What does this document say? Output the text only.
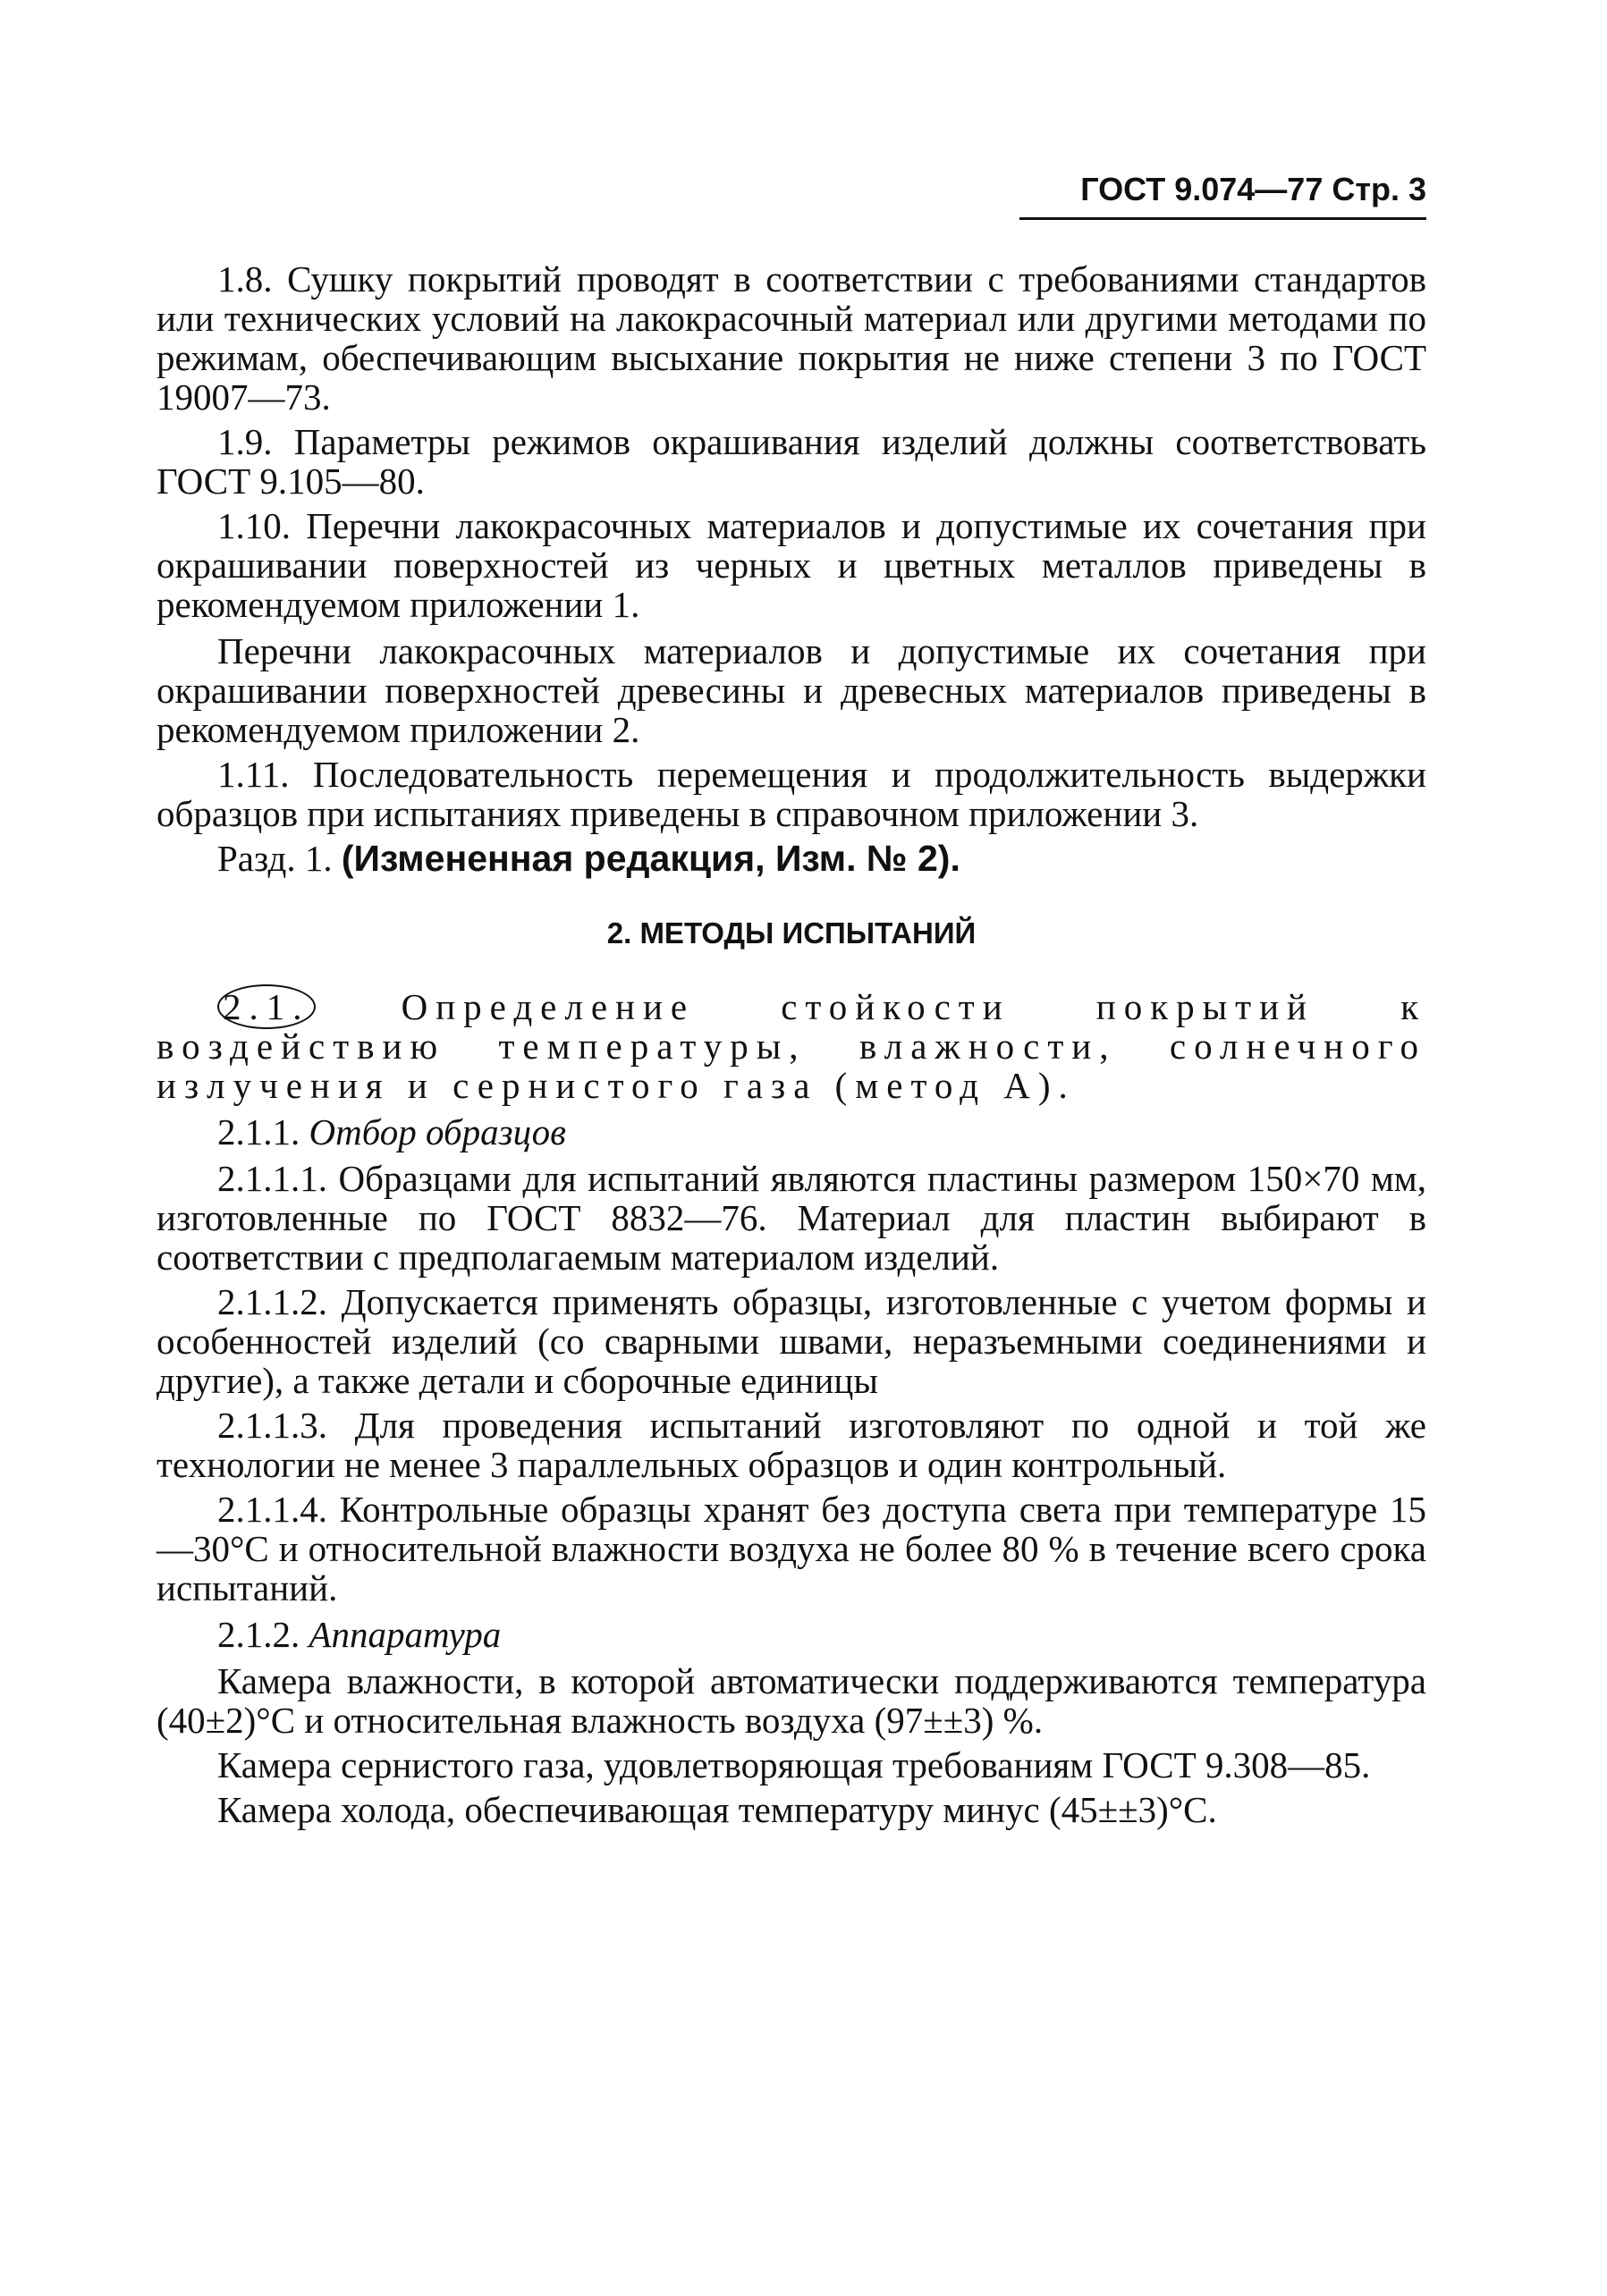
ГОСТ 9.074—77 Стр. 3

1.8. Сушку покрытий проводят в соответствии с требованиями стандартов или технических условий на лакокрасочный материал или другими методами по режимам, обеспечивающим высыхание покрытия не ниже степени 3 по ГОСТ 19007—73.

1.9. Параметры режимов окрашивания изделий должны соответствовать ГОСТ 9.105—80.

1.10. Перечни лакокрасочных материалов и допустимые их сочетания при окрашивании поверхностей из черных и цветных металлов приведены в рекомендуемом приложении 1.

Перечни лакокрасочных материалов и допустимые их сочетания при окрашивании поверхностей древесины и древесных материалов приведены в рекомендуемом приложении 2.

1.11. Последовательность перемещения и продолжительность выдержки образцов при испытаниях приведены в справочном приложении 3.

Разд. 1. (Измененная редакция, Изм. № 2).

2. МЕТОДЫ ИСПЫТАНИЙ

2.1. Определение стойкости покрытий к воздействию температуры, влажности, солнечного излучения и сернистого газа (метод А).

2.1.1. Отбор образцов

2.1.1.1. Образцами для испытаний являются пластины размером 150×70 мм, изготовленные по ГОСТ 8832—76. Материал для пластин выбирают в соответствии с предполагаемым материалом изделий.

2.1.1.2. Допускается применять образцы, изготовленные с учетом формы и особенностей изделий (со сварными швами, неразъемными соединениями и другие), а также детали и сборочные единицы

2.1.1.3. Для проведения испытаний изготовляют по одной и той же технологии не менее 3 параллельных образцов и один контрольный.

2.1.1.4. Контрольные образцы хранят без доступа света при температуре 15—30°С и относительной влажности воздуха не более 80 % в течение всего срока испытаний.

2.1.2. Аппаратура

Камера влажности, в которой автоматически поддерживаются температура (40±2)°С и относительная влажность воздуха (97±±3) %.

Камера сернистого газа, удовлетворяющая требованиям ГОСТ 9.308—85.

Камера холода, обеспечивающая температуру минус (45±±3)°С.
